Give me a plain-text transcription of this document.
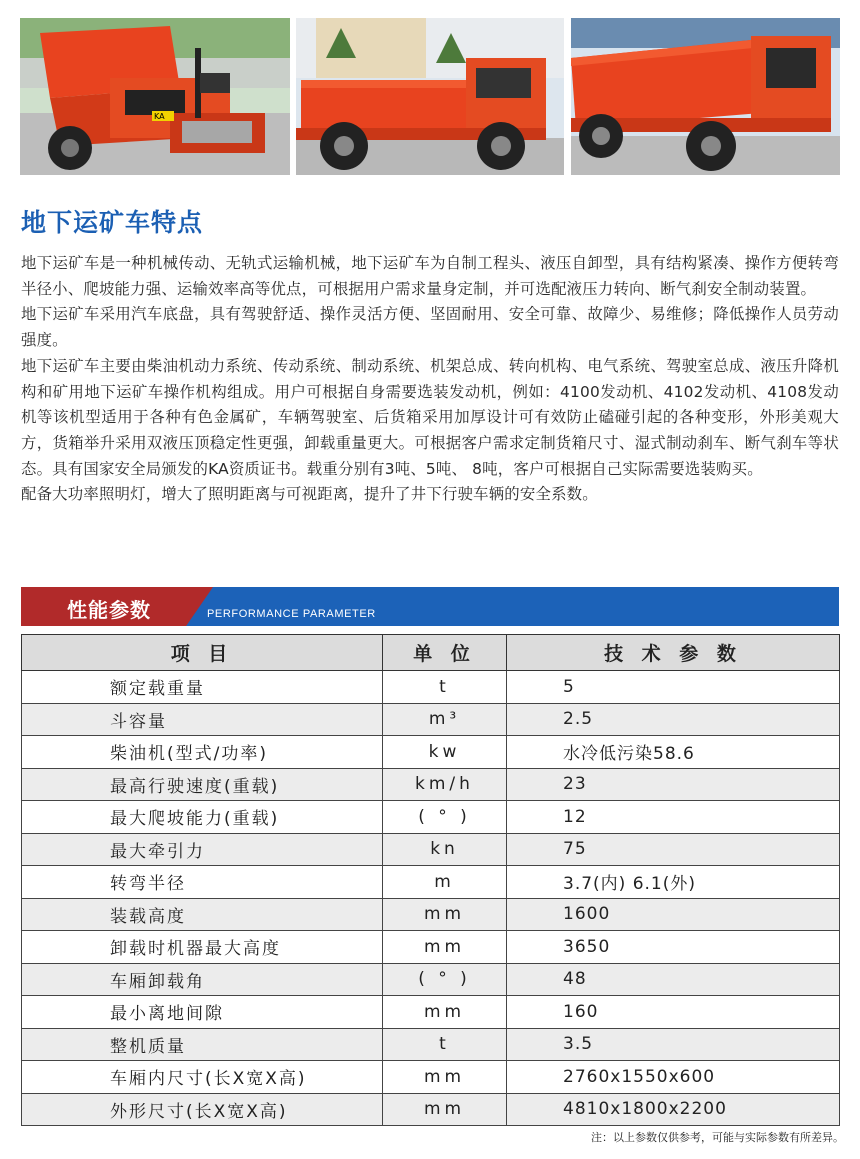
KA
地下运矿车特点

地下运矿车是一种机械传动、无轨式运输机械，地下运矿车为自制工程头、液压自卸型，具有结构紧凑、操作方便转弯半径小、爬坡能力强、运输效率高等优点，可根据用户需求量身定制，并可选配液压力转向、断气刹安全制动装置。

地下运矿车采用汽车底盘，具有驾驶舒适、操作灵活方便、坚固耐用、安全可靠、故障少、易维修；降低操作人员劳动强度。

地下运矿车主要由柴油机动力系统、传动系统、制动系统、机架总成、转向机构、电气系统、驾驶室总成、液压升降机构和矿用地下运矿车操作机构组成。用户可根据自身需要选装发动机，例如：4100发动机、4102发动机、4108发动机等该机型适用于各种有色金属矿，车辆驾驶室、后货箱采用加厚设计可有效防止磕碰引起的各种变形，外形美观大方，货箱举升采用双液压顶稳定性更强，卸载重量更大。可根据客户需求定制货箱尺寸、湿式制动刹车、断气刹车等状态。具有国家安全局颁发的KA资质证书。载重分别有3吨、5吨、 8吨，客户可根据自己实际需要选装购买。

配备大功率照明灯，增大了照明距离与可视距离，提升了井下行驶车辆的安全系数。

性能参数	PERFORMANCE PARAMETER
项 目	单 位	技 术 参 数
额定载重量	t	5
斗容量	m³	2.5
柴油机(型式/功率)	kw	水冷低污染58.6
最高行驶速度(重载)	km/h	23
最大爬坡能力(重载)	( ° )	12
最大牵引力	kn	75
转弯半径	m	3.7(内) 6.1(外)
装载高度	mm	1600
卸载时机器最大高度	mm	3650
车厢卸载角	( ° )	48
最小离地间隙	mm	160
整机质量	t	3.5
车厢内尺寸(长X宽X高)	mm	2760x1550x600
外形尺寸(长X宽X高)	mm	4810x1800x2200
注：以上参数仅供参考，可能与实际参数有所差异。
